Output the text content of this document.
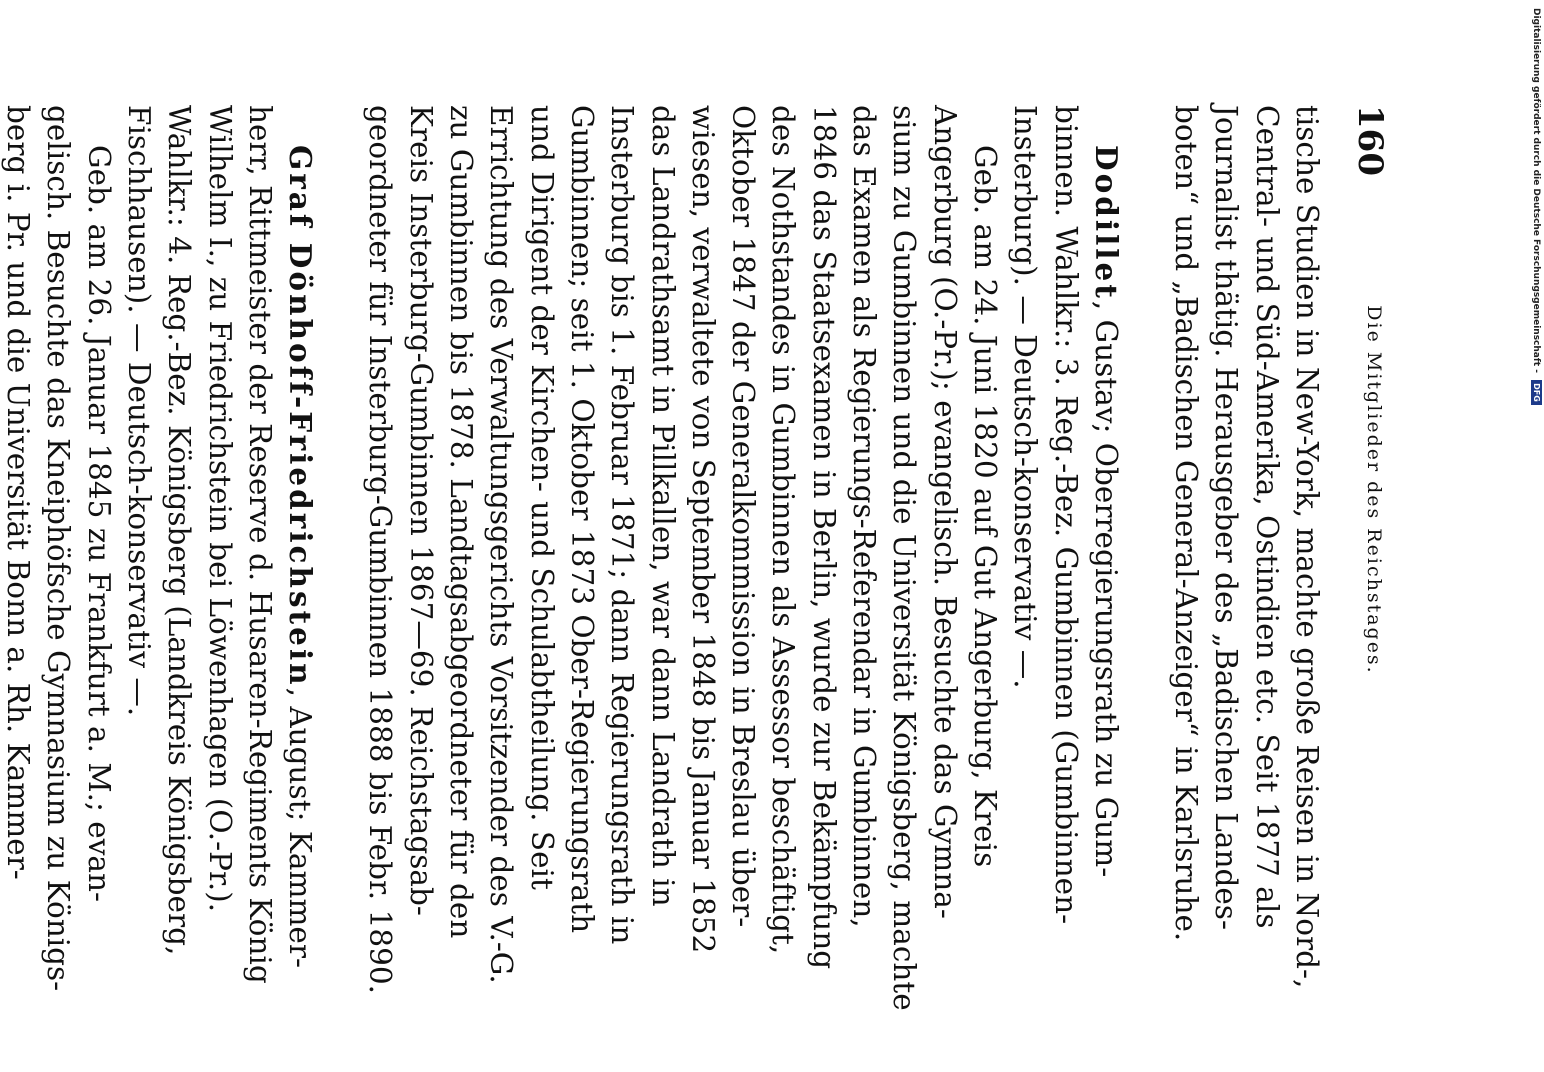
160
Die Mitglieder des Reichstages.
tische Studien in New-York, machte große Reisen in Nord-,
Central- und Süd-Amerika, Ostindien etc. Seit 1877 als
Journalist thätig. Herausgeber des „Badischen Landes-
boten“ und „Badischen General-Anzeiger“ in Karlsruhe.
Dodillet, Gustav; Oberregierungsrath zu Gum-
binnen. Wahlkr.: 3. Reg.-Bez. Gumbinnen (Gumbinnen-
Insterburg). — Deutsch-konservativ —.
Geb. am 24. Juni 1820 auf Gut Angerburg, Kreis
Angerburg (O.-Pr.); evangelisch. Besuchte das Gymna-
sium zu Gumbinnen und die Universität Königsberg, machte
das Examen als Regierungs-Referendar in Gumbinnen,
1846 das Staatsexamen in Berlin, wurde zur Bekämpfung
des Nothstandes in Gumbinnen als Assessor beschäftigt,
Oktober 1847 der Generalkommission in Breslau über-
wiesen, verwaltete von September 1848 bis Januar 1852
das Landrathsamt in Pillkallen, war dann Landrath in
Insterburg bis 1. Februar 1871; dann Regierungsrath in
Gumbinnen; seit 1. Oktober 1873 Ober-Regierungsrath
und Dirigent der Kirchen- und Schulabtheilung. Seit
Errichtung des Verwaltungsgerichts Vorsitzender des V.-G.
zu Gumbinnen bis 1878. Landtagsabgeordneter für den
Kreis Insterburg-Gumbinnen 1867—69. Reichstagsab-
geordneter für Insterburg-Gumbinnen 1888 bis Febr. 1890.
Graf Dönhoff-Friedrichstein, August; Kammer-
herr, Rittmeister der Reserve d. Husaren-Regiments König
Wilhelm I., zu Friedrichstein bei Löwenhagen (O.-Pr.).
Wahlkr.: 4. Reg.-Bez. Königsberg (Landkreis Königsberg,
Fischhausen). — Deutsch-konservativ —.
Geb. am 26. Januar 1845 zu Frankfurt a. M.; evan-
gelisch. Besuchte das Kneiphöfsche Gymnasium zu Königs-
berg i. Pr. und die Universität Bonn a. Rh. Kammer-	Digitalisierung gefördert durch die Deutsche Forschungsgemeinschaft - DFG
